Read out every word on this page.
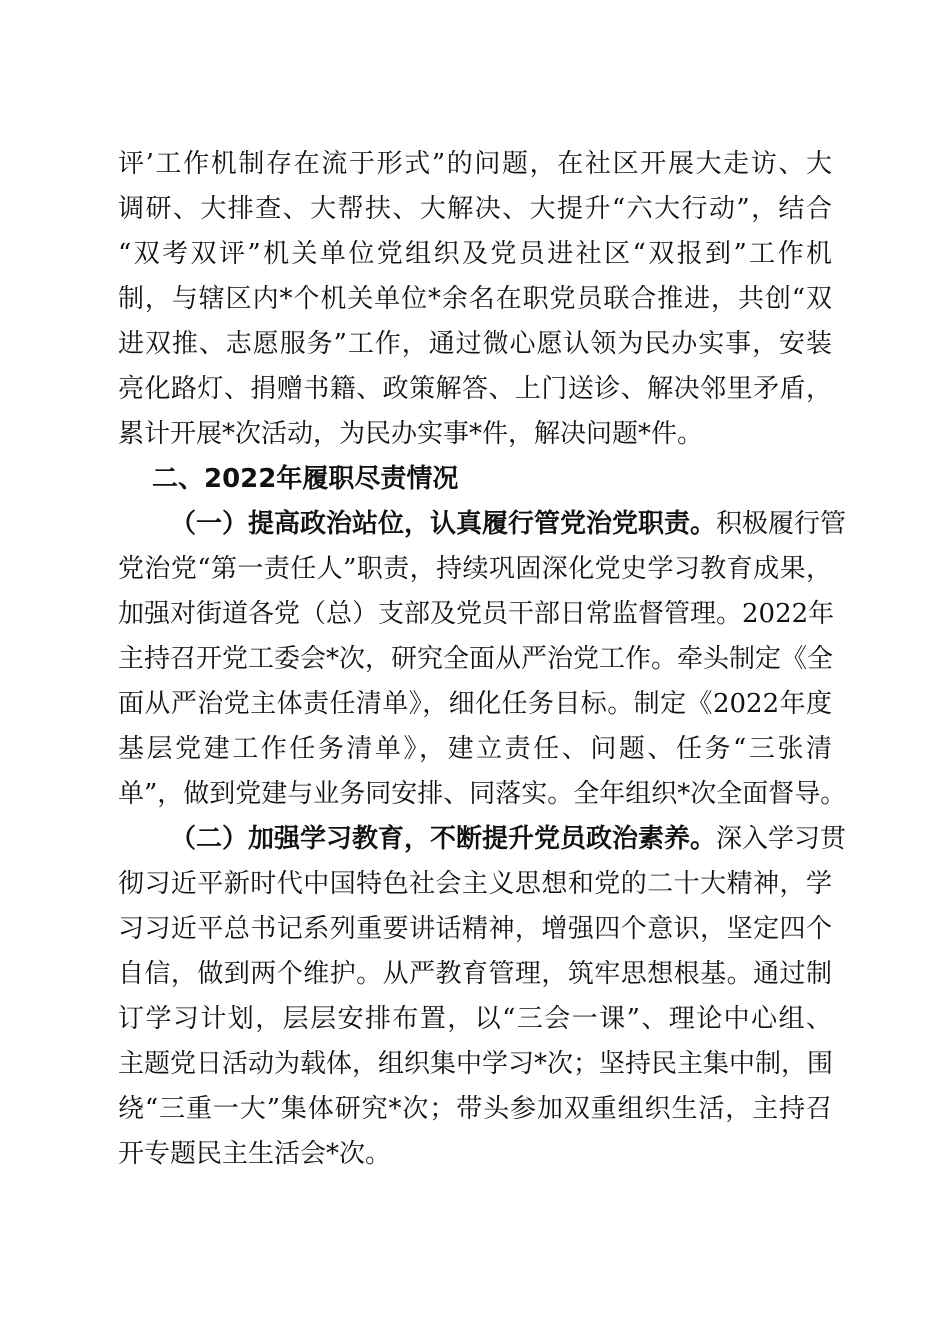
评’工作机制存在流于形式”的问题，在社区开展大走访、大
调研、大排查、大帮扶、大解决、大提升“六大行动”，结合
“双考双评”机关单位党组织及党员进社区“双报到”工作机
制，与辖区内*个机关单位*余名在职党员联合推进，共创“双
进双推、志愿服务”工作，通过微心愿认领为民办实事，安装
亮化路灯、捐赠书籍、政策解答、上门送诊、解决邻里矛盾，
累计开展*次活动，为民办实事*件，解决问题*件。
二、2022年履职尽责情况
（一）提高政治站位，认真履行管党治党职责。积极履行管
党治党“第一责任人”职责，持续巩固深化党史学习教育成果，
加强对街道各党（总）支部及党员干部日常监督管理。2022年
主持召开党工委会*次，研究全面从严治党工作。牵头制定《全
面从严治党主体责任清单》，细化任务目标。制定《2022年度
基层党建工作任务清单》，建立责任、问题、任务“三张清
单”，做到党建与业务同安排、同落实。全年组织*次全面督导。
（二）加强学习教育，不断提升党员政治素养。深入学习贯
彻习近平新时代中国特色社会主义思想和党的二十大精神，学
习习近平总书记系列重要讲话精神，增强四个意识，坚定四个
自信，做到两个维护。从严教育管理，筑牢思想根基。通过制
订学习计划，层层安排布置，以“三会一课”、理论中心组、
主题党日活动为载体，组织集中学习*次；坚持民主集中制，围
绕“三重一大”集体研究*次；带头参加双重组织生活，主持召
开专题民主生活会*次。
